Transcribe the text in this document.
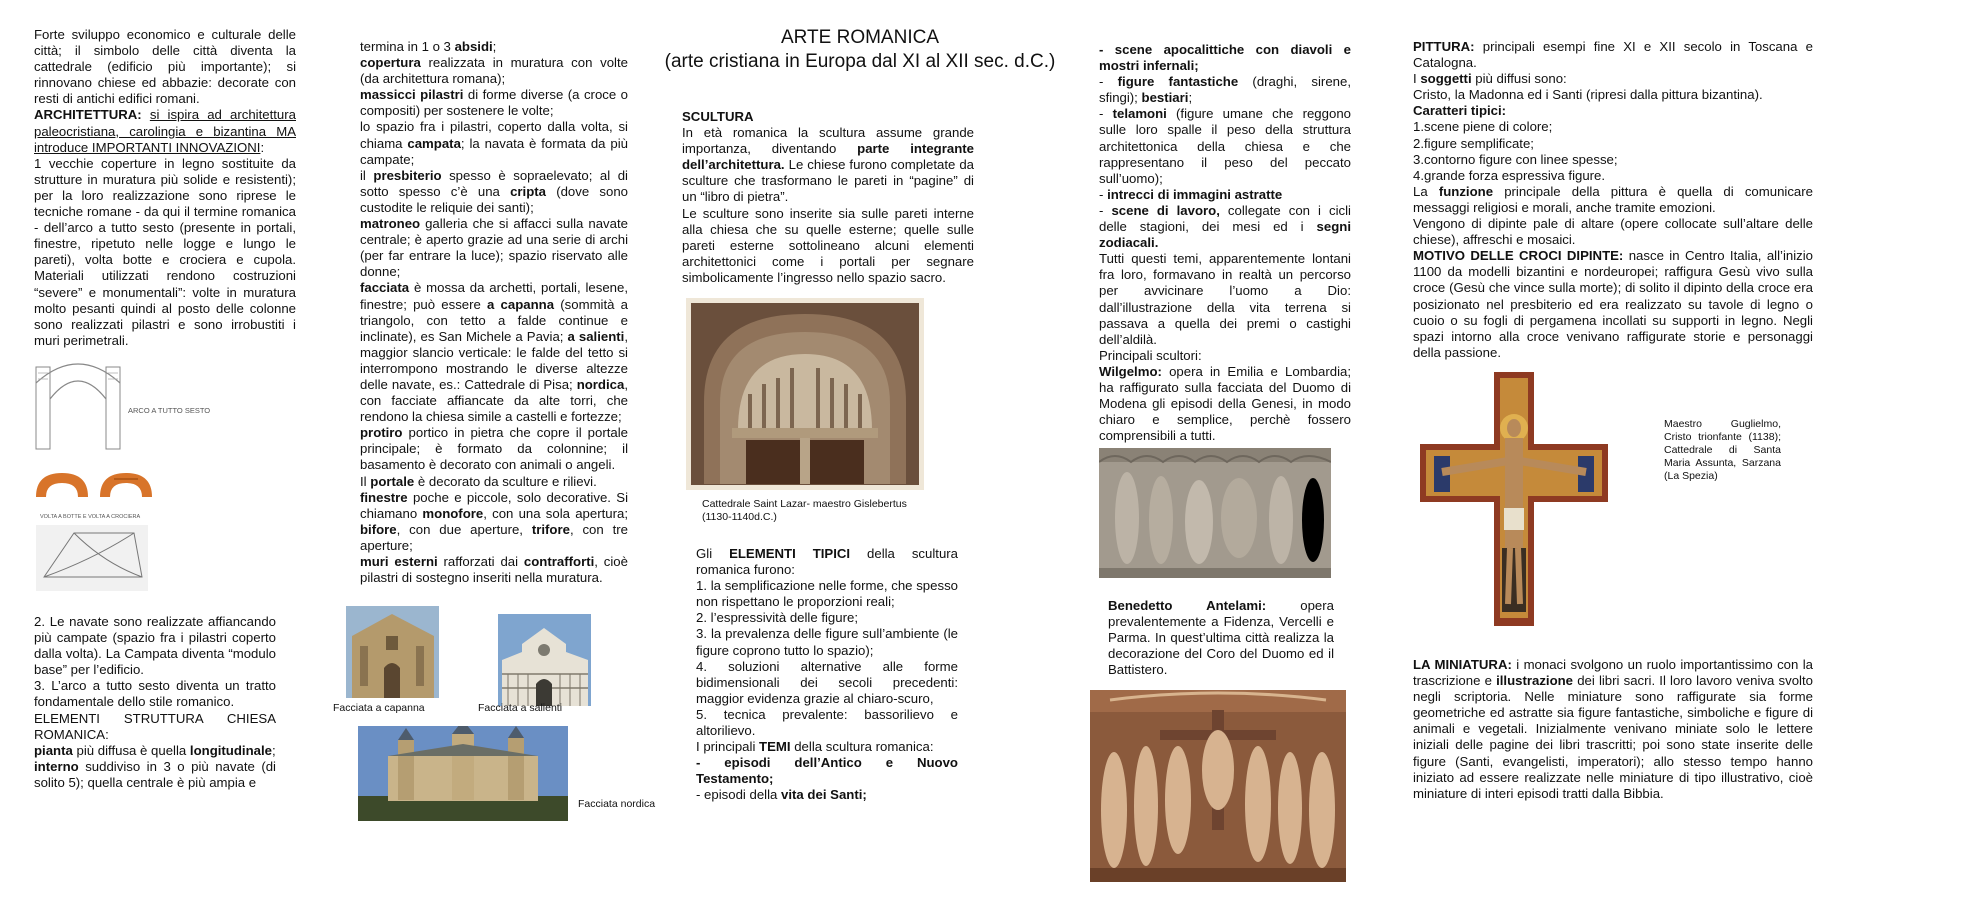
Forte sviluppo economico e culturale delle città; il simbolo delle città diventa la cattedrale (edificio più importante); si rinnovano chiese ed abbazie: decorate con resti di antichi edifici romani.

ARCHITETTURA: si ispira ad architettura paleocristiana, carolingia e bizantina MA introduce IMPORTANTI INNOVAZIONI:

1 vecchie coperture in legno sostituite da strutture in muratura più solide e resistenti); per la loro realizzazione sono riprese le tecniche romane - da qui il termine romanica - dell’arco a tutto sesto (presente in portali, finestre, ripetuto nelle logge e lungo le pareti), volta botte e crociera e cupola. Materiali utilizzati rendono costruzioni “severe” e monumentali”: volte in muratura molto pesanti quindi al posto delle colonne sono realizzati pilastri e sono irrobustiti i muri perimetrali.

ARCO A TUTTO SESTO
VOLTA A BOTTE E VOLTA A CROCIERA

2. Le navate sono realizzate affiancando più campate (spazio fra i pilastri coperto dalla volta). La Campata diventa “modulo base” per l’edificio.

3. L’arco a tutto sesto diventa un tratto fondamentale dello stile romanico.

ELEMENTI STRUTTURA CHIESA ROMANICA:

pianta più diffusa è quella longitudinale;

interno suddiviso in 3 o più navate (di solito 5); quella centrale è più ampia e

termina in 1 o 3 absidi;

copertura realizzata in muratura con volte (da architettura romana);

massicci pilastri di forme diverse (a croce o compositi) per sostenere le volte;

lo spazio fra i pilastri, coperto dalla volta, si chiama campata; la navata è formata da più campate;

il presbiterio spesso è sopraelevato; al di sotto spesso c’è una cripta (dove sono custodite le reliquie dei santi);

matroneo galleria che si affacci sulla navate centrale; è aperto grazie ad una serie di archi (per far entrare la luce); spazio riservato alle donne;

facciata è mossa da archetti, portali, lesene, finestre; può essere a capanna (sommità a triangolo, con tetto a falde continue e inclinate), es San Michele a Pavia; a salienti, maggior slancio verticale: le falde del tetto si interrompono mostrando le diverse altezze delle navate, es.: Cattedrale di Pisa; nordica, con facciate affiancate da alte torri, che rendono la chiesa simile a castelli e fortezze;

protiro portico in pietra che copre il portale principale; è formato da colonnine; il basamento è decorato con animali o angeli.

Il portale è decorato da sculture e rilievi.

finestre poche e piccole, solo decorative. Si chiamano monofore, con una sola apertura; bifore, con due aperture, trifore, con tre aperture;

muri esterni rafforzati dai contrafforti, cioè pilastri di sostegno inseriti nella muratura.

Facciata a capanna	Facciata a salienti
Facciata nordica
ARTE ROMANICA
(arte cristiana in Europa dal XI al XII sec. d.C.)

SCULTURA

In età romanica la scultura assume grande importanza, diventando parte integrante dell’architettura. Le chiese furono completate da sculture che trasformano le pareti in “pagine” di un “libro di pietra”.

Le sculture sono inserite sia sulle pareti interne alla chiesa che su quelle esterne; quelle sulle pareti esterne sottolineano alcuni elementi architettonici come i portali per segnare simbolicamente l’ingresso nello spazio sacro.

Cattedrale Saint Lazar- maestro Gislebertus (1130-1140d.C.)

Gli ELEMENTI TIPICI della scultura romanica furono:

1. la semplificazione nelle forme, che spesso non rispettano le proporzioni reali;

2. l’espressività delle figure;

3. la prevalenza delle figure sull’ambiente (le figure coprono tutto lo spazio);

4. soluzioni alternative alle forme bidimensionali dei secoli precedenti: maggior evidenza grazie al chiaro-scuro,

5. tecnica prevalente: bassorilievo e altorilievo.

I principali TEMI della scultura romanica:

- episodi dell’Antico e Nuovo Testamento;

- episodi della vita dei Santi;

- scene apocalittiche con diavoli e mostri infernali;

- figure fantastiche (draghi, sirene, sfingi); bestiari;

- telamoni (figure umane che reggono sulle loro spalle il peso della struttura architettonica della chiesa e che rappresentano il peso del peccato sull’uomo);

- intrecci di immagini astratte

- scene di lavoro, collegate con i cicli delle stagioni, dei mesi ed i segni zodiacali.

Tutti questi temi, apparentemente lontani fra loro, formavano in realtà un percorso per avvicinare l’uomo a Dio: dall’illustrazione della vita terrena si passava a quella dei premi o castighi dell’aldilà.

Principali scultori:

Wilgelmo: opera in Emilia e Lombardia; ha raffigurato sulla facciata del Duomo di Modena gli episodi della Genesi, in modo chiaro e semplice, perchè fossero comprensibili a tutti.

Benedetto Antelami: opera prevalentemente a Fidenza, Vercelli e Parma. In quest’ultima città realizza la decorazione del Coro del Duomo ed il Battistero.

PITTURA: principali esempi fine XI e XII secolo in Toscana e Catalogna.

I soggetti più diffusi sono:

Cristo, la Madonna ed i Santi (ripresi dalla pittura bizantina).

Caratteri tipici:

1.scene piene di colore;

2.figure semplificate;

3.contorno figure con linee spesse;

4.grande forza espressiva figure.

La funzione principale della pittura è quella di comunicare messaggi religiosi e morali, anche tramite emozioni.

Vengono di dipinte pale di altare (opere collocate sull’altare delle chiese), affreschi e mosaici.

MOTIVO DELLE CROCI DIPINTE: nasce in Centro Italia, all’inizio 1100 da modelli bizantini e nordeuropei; raffigura Gesù vivo sulla croce (Gesù che vince sulla morte); di solito il dipinto della croce era posizionato nel presbiterio ed era realizzato su tavole di legno o cuoio o su fogli di pergamena incollati su supporti in legno. Negli spazi intorno alla croce venivano raffigurate storie e personaggi della passione.

Maestro Guglielmo, Cristo trionfante (1138); Cattedrale di Santa Maria Assunta, Sarzana (La Spezia)

LA MINIATURA: i monaci svolgono un ruolo importantissimo con la trascrizione e illustrazione dei libri sacri. Il loro lavoro veniva svolto negli scriptoria. Nelle miniature sono raffigurate sia forme geometriche ed astratte sia figure fantastiche, simboliche e figure di animali e vegetali. Inizialmente venivano miniate solo le lettere iniziali delle pagine dei libri trascritti; poi sono state inserite delle figure (Santi, evangelisti, imperatori); allo stesso tempo hanno iniziato ad essere realizzate nelle miniature di tipo illustrativo, cioè miniature di interi episodi tratti dalla Bibbia.
